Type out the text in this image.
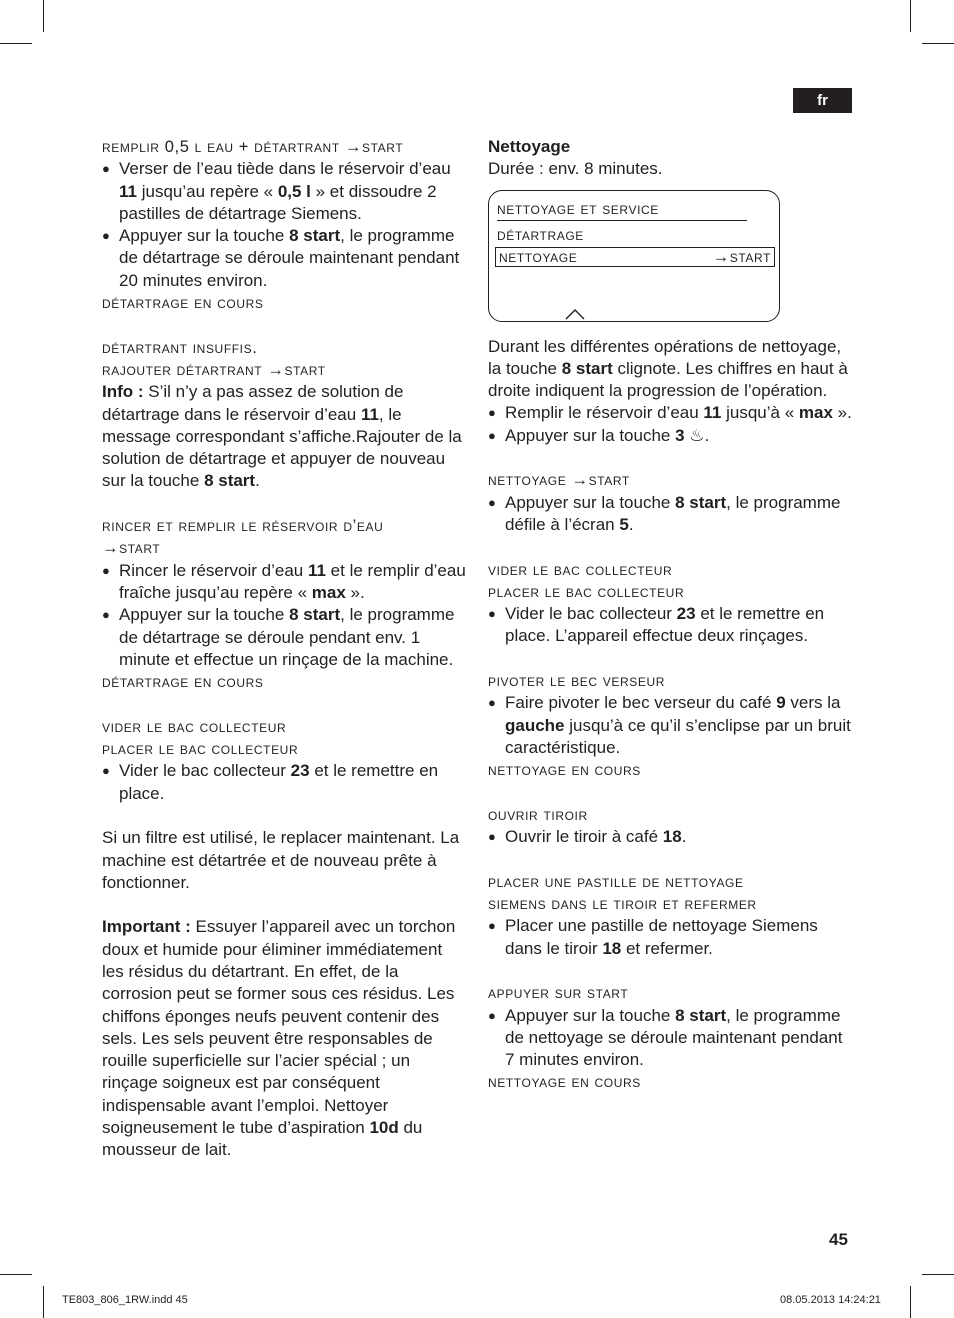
fr

remplir 0,5 l eau + détartrant →start

● Verser de l’eau tiède dans le réservoir d’eau 11 jusqu’au repère « 0,5 l » et dissoudre 2 pastilles de détartrage Siemens.
● Appuyer sur la touche 8 start, le programme de détartrage se déroule maintenant pendant 20 minutes environ.

détartrage en cours

détartrant insuffis.

rajouter détartrant →start

Info : S’il n’y a pas assez de solution de détartrage dans le réservoir d’eau 11, le message correspondant s’affiche.Rajouter de la solution de détartrage et appuyer de nouveau sur la touche 8 start.

rincer et remplir le réservoir d’eau

→start

● Rincer le réservoir d’eau 11 et le remplir d’eau fraîche jusqu’au repère « max ».
● Appuyer sur la touche 8 start, le programme de détartrage se déroule pendant env. 1 minute et effectue un rinçage de la machine.

détartrage en cours

vider le bac collecteur

placer le bac collecteur

● Vider le bac collecteur 23 et le remettre en place.

Si un filtre est utilisé, le replacer maintenant. La machine est détartrée et de nouveau prête à fonctionner.

Important : Essuyer l’appareil avec un torchon doux et humide pour éliminer immédiatement les résidus du détartrant. En effet, de la corrosion peut se former sous ces résidus. Les chiffons éponges neufs peuvent contenir des sels. Les sels peuvent être responsables de rouille superficielle sur l’acier spécial ; un rinçage soigneux est par conséquent indispensable avant l’emploi. Nettoyer soigneusement le tube d’aspiration 10d du mousseur de lait.

Nettoyage

Durée : env. 8 minutes.

nettoyage et service
détartrage
nettoyage	→start

Durant les différentes opérations de nettoyage, la touche 8 start clignote. Les chiffres en haut à droite indiquent la progression de l’opération.

● Remplir le réservoir d’eau 11 jusqu’à « max ».
● Appuyer sur la touche 3 ♨.

nettoyage →start

● Appuyer sur la touche 8 start, le programme défile à l’écran 5.

vider le bac collecteur

placer le bac collecteur

● Vider le bac collecteur 23 et le remettre en place. L’appareil effectue deux rinçages.

pivoter le bec verseur

● Faire pivoter le bec verseur du café 9 vers la gauche jusqu’à ce qu’il s’enclipse par un bruit caractéristique.

nettoyage en cours

ouvrir tiroir

● Ouvrir le tiroir à café 18.

placer une pastille de nettoyage

siemens dans le tiroir et refermer

● Placer une pastille de nettoyage Siemens dans le tiroir 18 et refermer.

appuyer sur start

● Appuyer sur la touche 8 start, le programme de nettoyage se déroule maintenant pendant 7 minutes environ.

nettoyage en cours

45
TE803_806_1RW.indd 45	08.05.2013 14:24:21
